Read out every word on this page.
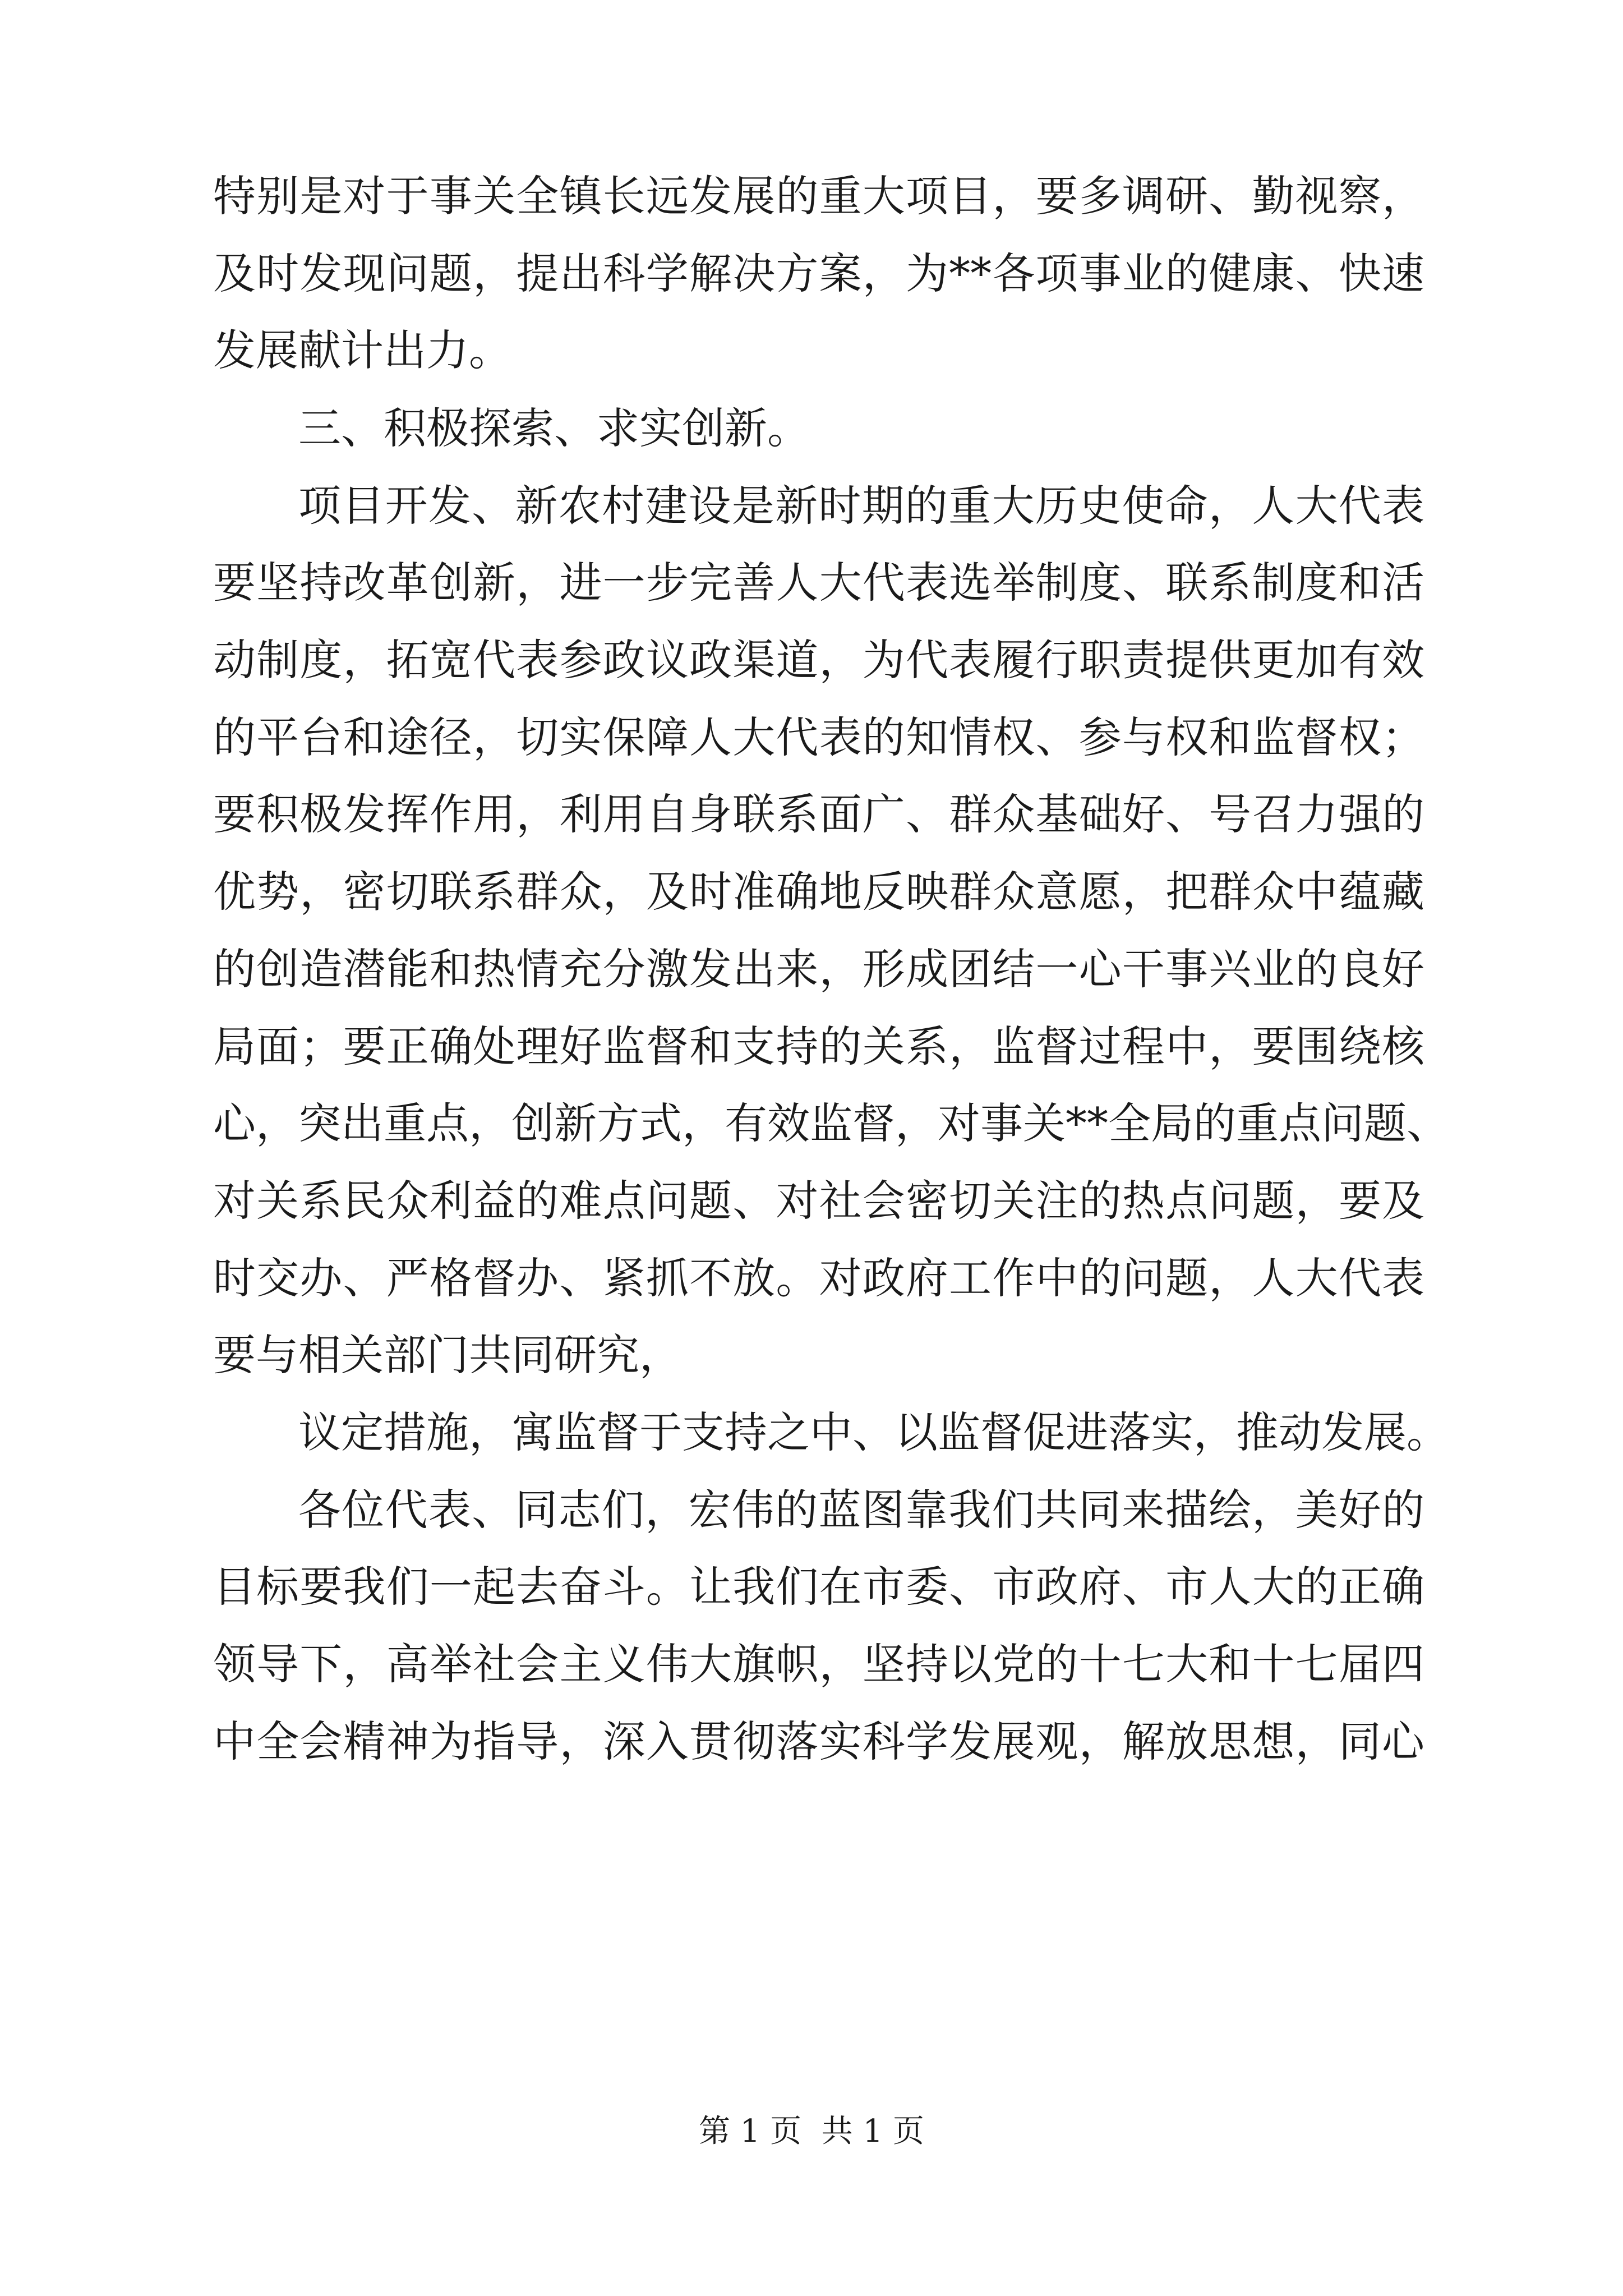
特别是对于事关全镇长远发展的重大项目，要多调研、勤视察，
及时发现问题，提出科学解决方案，为**各项事业的健康、快速
发展献计出力。
三、积极探索、求实创新。
项目开发、新农村建设是新时期的重大历史使命，人大代表
要坚持改革创新，进一步完善人大代表选举制度、联系制度和活
动制度，拓宽代表参政议政渠道，为代表履行职责提供更加有效
的平台和途径，切实保障人大代表的知情权、参与权和监督权；
要积极发挥作用，利用自身联系面广、群众基础好、号召力强的
优势，密切联系群众，及时准确地反映群众意愿，把群众中蕴藏
的创造潜能和热情充分激发出来，形成团结一心干事兴业的良好
局面；要正确处理好监督和支持的关系，监督过程中，要围绕核
心，突出重点，创新方式，有效监督，对事关**全局的重点问题、
对关系民众利益的难点问题、对社会密切关注的热点问题，要及
时交办、严格督办、紧抓不放。对政府工作中的问题，人大代表
要与相关部门共同研究，
议定措施，寓监督于支持之中、以监督促进落实，推动发展。
各位代表、同志们，宏伟的蓝图靠我们共同来描绘，美好的
目标要我们一起去奋斗。让我们在市委、市政府、市人大的正确
领导下，高举社会主义伟大旗帜，坚持以党的十七大和十七届四
中全会精神为指导，深入贯彻落实科学发展观，解放思想，同心
第 1 页  共 1 页
